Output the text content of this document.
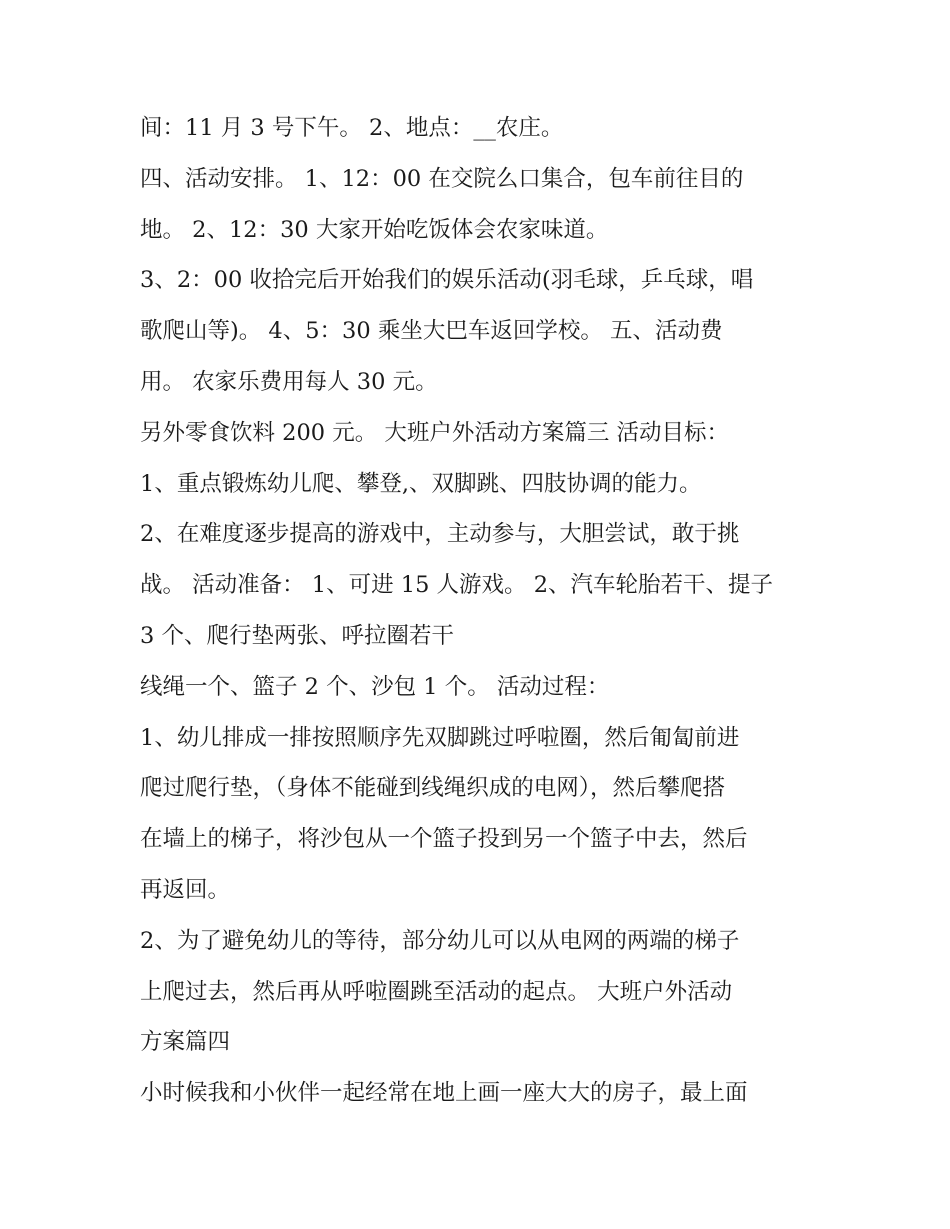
间：11 月 3 号下午。 2、地点：__农庄。
四、活动安排。 1、12：00 在交院么口集合，包车前往目的
地。 2、12：30 大家开始吃饭体会农家味道。
3、2：00 收拾完后开始我们的娱乐活动(羽毛球，乒乓球，唱
歌爬山等)。 4、5：30 乘坐大巴车返回学校。 五、活动费
用。 农家乐费用每人 30 元。
另外零食饮料 200 元。 大班户外活动方案篇三 活动目标：
1、重点锻炼幼儿爬、攀登,、双脚跳、四肢协调的能力。
2、在难度逐步提高的游戏中，主动参与，大胆尝试，敢于挑
战。 活动准备： 1、可进 15 人游戏。 2、汽车轮胎若干、提子
3 个、爬行垫两张、呼拉圈若干
线绳一个、篮子 2 个、沙包 1 个。 活动过程：
1、幼儿排成一排按照顺序先双脚跳过呼啦圈，然后匍匐前进
爬过爬行垫，（身体不能碰到线绳织成的电网），然后攀爬搭
在墙上的梯子，将沙包从一个篮子投到另一个篮子中去，然后
再返回。
2、为了避免幼儿的等待，部分幼儿可以从电网的两端的梯子
上爬过去，然后再从呼啦圈跳至活动的起点。 大班户外活动
方案篇四
小时候我和小伙伴一起经常在地上画一座大大的房子，最上面
